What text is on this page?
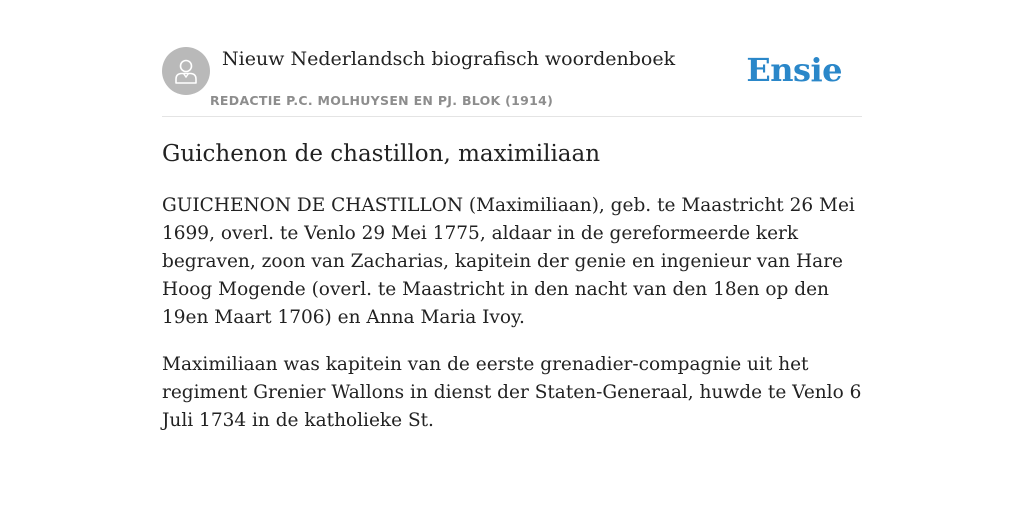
Nieuw Nederlandsch biografisch woordenboek
REDACTIE P.C. MOLHUYSEN EN PJ. BLOK (1914)
Ensie
Guichenon de chastillon, maximiliaan

GUICHENON DE CHASTILLON (Maximiliaan), geb. te Maastricht 26 Mei 1699, overl. te Venlo 29 Mei 1775, aldaar in de gereformeerde kerk begraven, zoon van Zacharias, kapitein der genie en ingenieur van Hare Hoog Mogende (overl. te Maastricht in den nacht van den 18en op den 19en Maart 1706) en Anna Maria Ivoy.

Maximiliaan was kapitein van de eerste grenadier-compagnie uit het regiment Grenier Wallons in dienst der Staten-Generaal, huwde te Venlo 6 Juli 1734 in de katholieke St.
